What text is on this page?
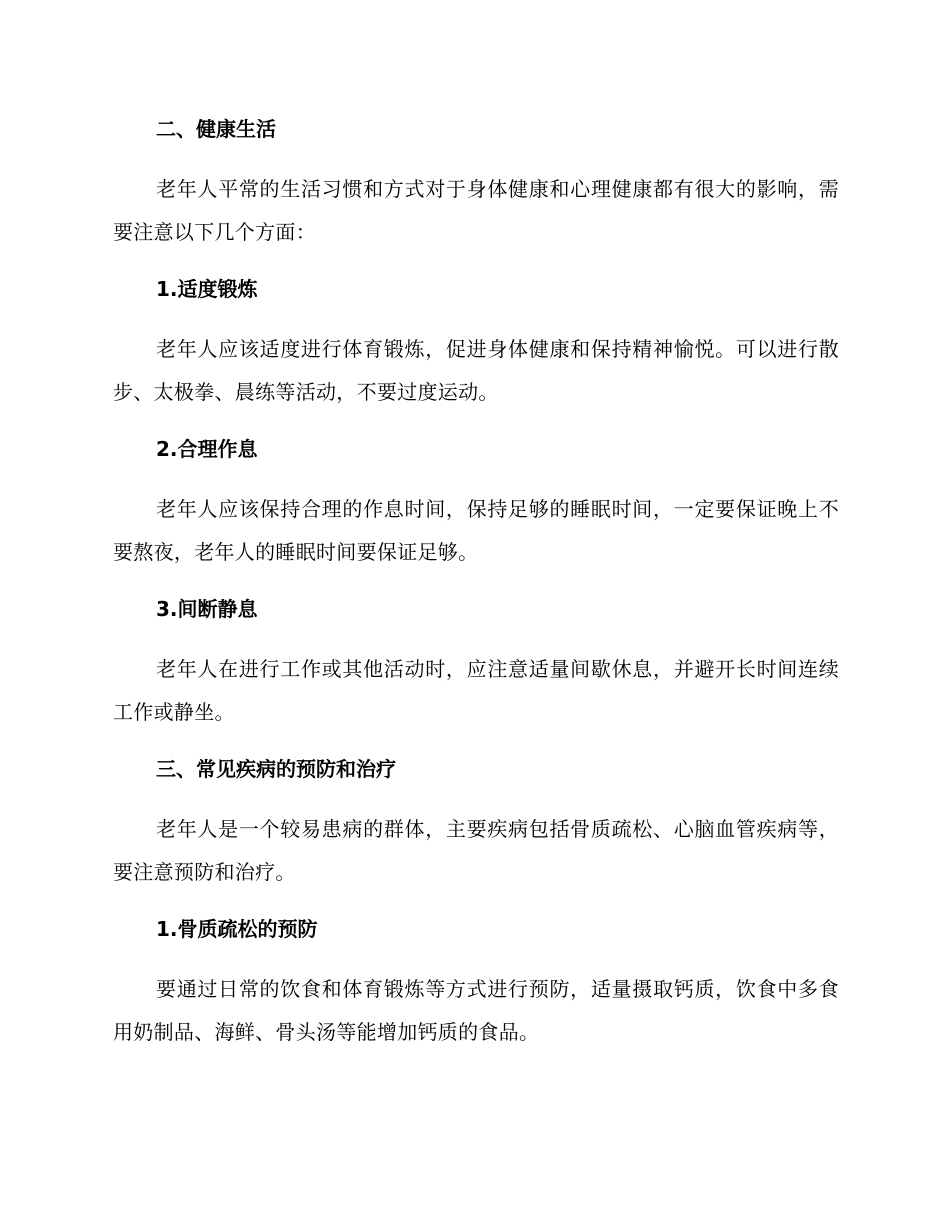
二、健康生活
老年人平常的生活习惯和方式对于身体健康和心理健康都有很大的影响，需要注意以下几个方面：
1.适度锻炼
老年人应该适度进行体育锻炼，促进身体健康和保持精神愉悦。可以进行散步、太极拳、晨练等活动，不要过度运动。
2.合理作息
老年人应该保持合理的作息时间，保持足够的睡眠时间，一定要保证晚上不要熬夜，老年人的睡眠时间要保证足够。
3.间断静息
老年人在进行工作或其他活动时，应注意适量间歇休息，并避开长时间连续工作或静坐。
三、常见疾病的预防和治疗
老年人是一个较易患病的群体，主要疾病包括骨质疏松、心脑血管疾病等，要注意预防和治疗。
1.骨质疏松的预防
要通过日常的饮食和体育锻炼等方式进行预防，适量摄取钙质，饮食中多食用奶制品、海鲜、骨头汤等能增加钙质的食品。
